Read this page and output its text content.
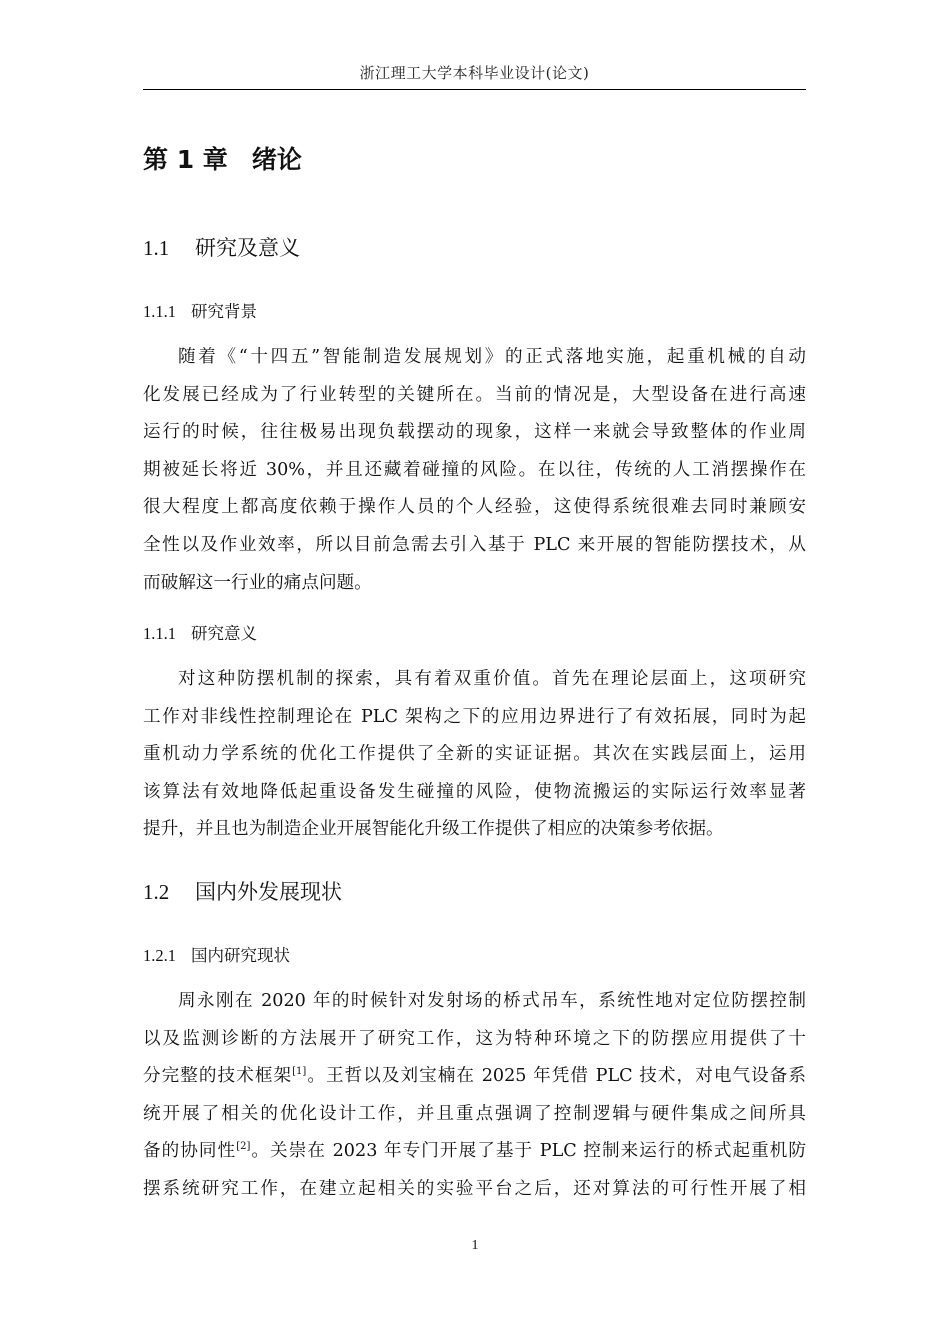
浙江理工大学本科毕业设计(论文)
第 1 章 绪论
1.1 研究及意义
1.1.1 研究背景
随着《“十四五”智能制造发展规划》的正式落地实施，起重机械的自动
化发展已经成为了行业转型的关键所在。当前的情况是，大型设备在进行高速
运行的时候，往往极易出现负载摆动的现象，这样一来就会导致整体的作业周
期被延长将近 30%，并且还藏着碰撞的风险。在以往，传统的人工消摆操作在
很大程度上都高度依赖于操作人员的个人经验，这使得系统很难去同时兼顾安
全性以及作业效率，所以目前急需去引入基于 PLC 来开展的智能防摆技术，从
而破解这一行业的痛点问题。
1.1.1 研究意义
对这种防摆机制的探索，具有着双重价值。首先在理论层面上，这项研究
工作对非线性控制理论在 PLC 架构之下的应用边界进行了有效拓展，同时为起
重机动力学系统的优化工作提供了全新的实证证据。其次在实践层面上，运用
该算法有效地降低起重设备发生碰撞的风险，使物流搬运的实际运行效率显著
提升，并且也为制造企业开展智能化升级工作提供了相应的决策参考依据。
1.2 国内外发展现状
1.2.1 国内研究现状
周永刚在 2020 年的时候针对发射场的桥式吊车，系统性地对定位防摆控制
以及监测诊断的方法展开了研究工作，这为特种环境之下的防摆应用提供了十
分完整的技术框架[1]。王哲以及刘宝楠在 2025 年凭借 PLC 技术，对电气设备系
统开展了相关的优化设计工作，并且重点强调了控制逻辑与硬件集成之间所具
备的协同性[2]。关崇在 2023 年专门开展了基于 PLC 控制来运行的桥式起重机防
摆系统研究工作，在建立起相关的实验平台之后，还对算法的可行性开展了相
1
